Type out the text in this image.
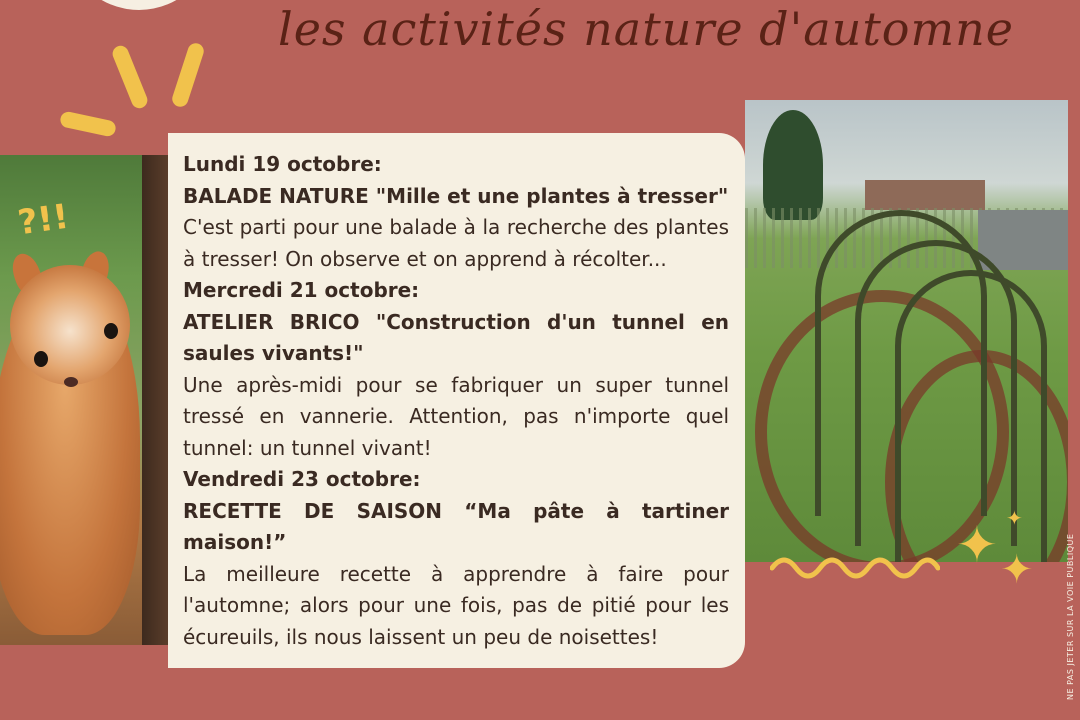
les activités nature d'automne
?!!

Lundi 19 octobre:

BALADE NATURE "Mille et une plantes à tresser"

C'est parti pour une balade à la recherche des plantes à tresser! On observe et on apprend à récolter...

Mercredi 21 octobre:

ATELIER BRICO "Construction d'un tunnel en saules vivants!"

Une après-midi pour se fabriquer un super tunnel tressé en vannerie. Attention, pas n'importe quel tunnel: un tunnel vivant!

Vendredi 23 octobre:

RECETTE DE SAISON “Ma pâte à tartiner maison!”

La meilleure recette à apprendre à faire pour l'automne; alors pour une fois, pas de pitié pour les écureuils, ils nous laissent un peu de noisettes!

✦ ✦
✦
NE PAS JETER SUR LA VOIE PUBLIQUE
